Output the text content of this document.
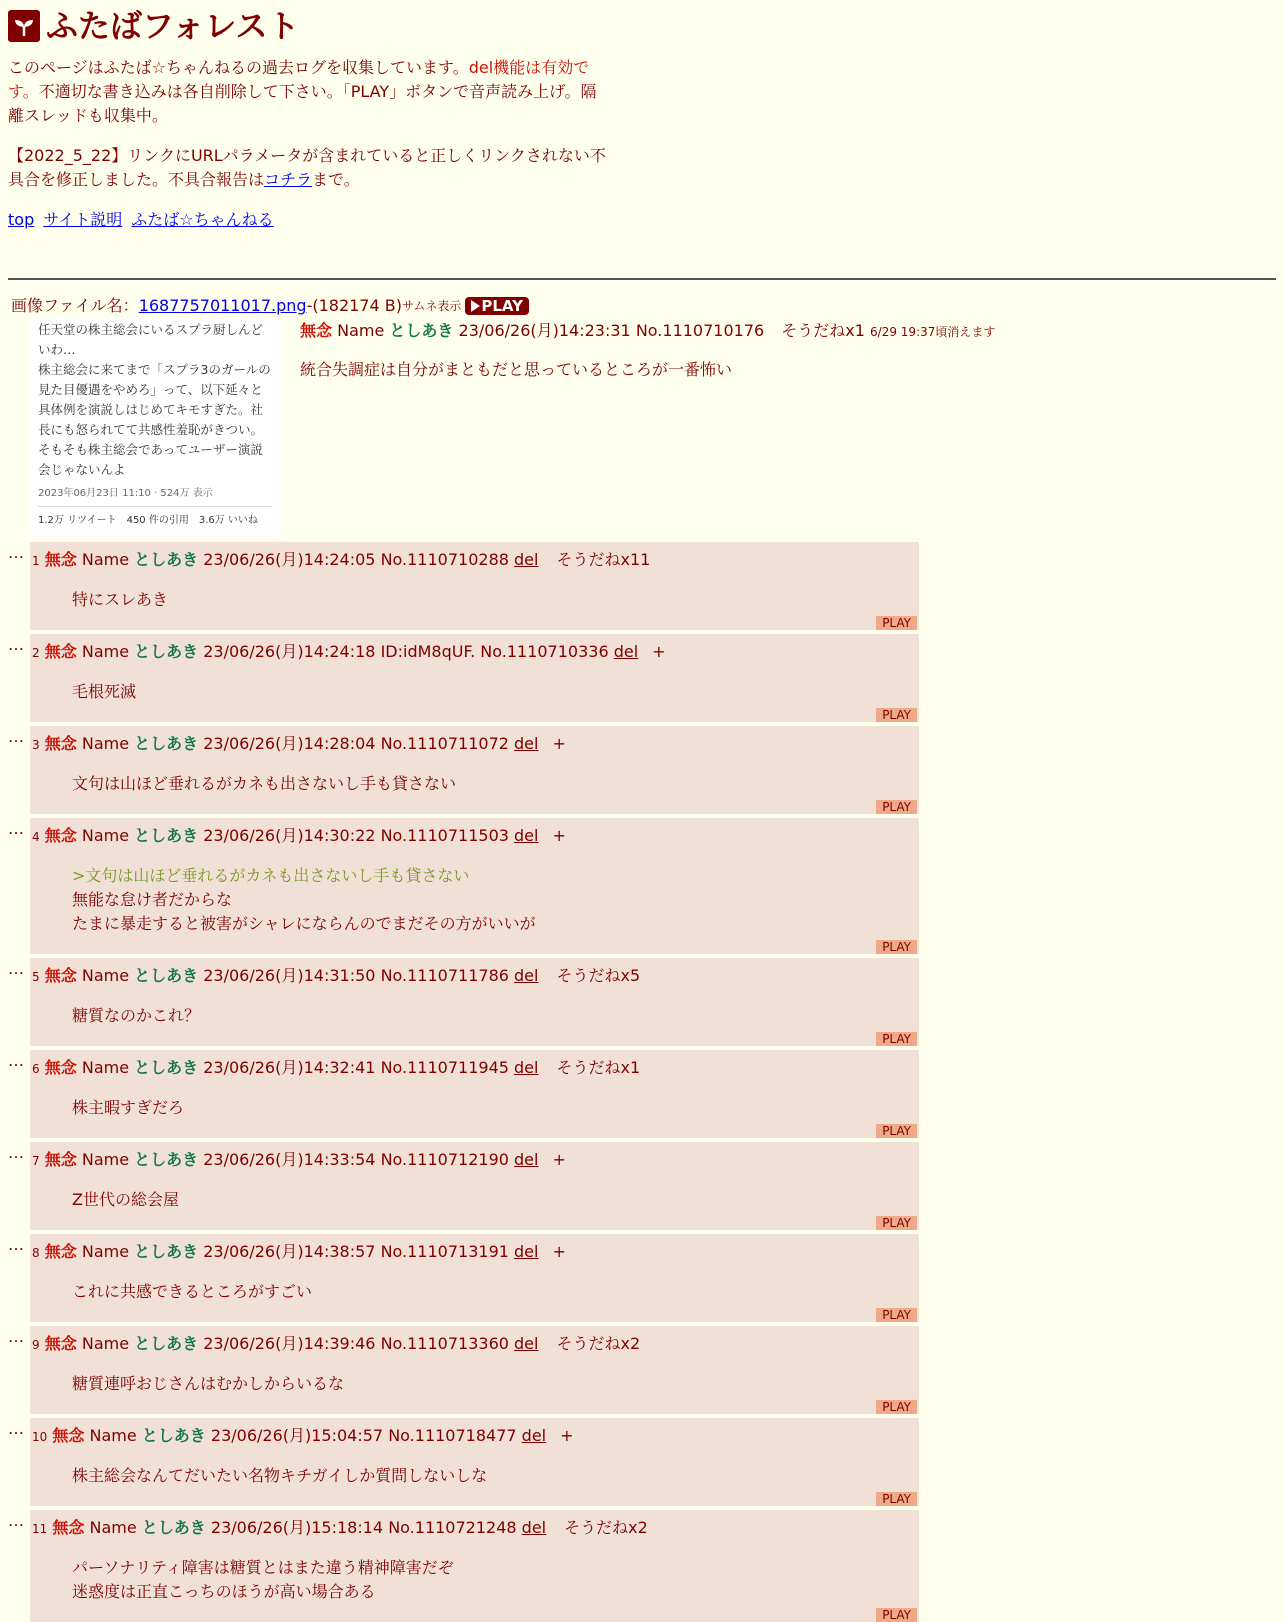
ふたばフォレスト

このページはふたば☆ちゃんねるの過去ログを収集しています。del機能は有効です。不適切な書き込みは各自削除して下さい。「PLAY」ボタンで音声読み上げ。隔離スレッドも収集中。

【2022_5_22】リンクにURLパラメータが含まれていると正しくリンクされない不具合を修正しました。不具合報告はコチラまで。

top サイト説明 ふたば☆ちゃんねる
画像ファイル名： 1687757011017.png -(182174 B) サムネ表示 PLAY
任天堂の株主総会にいるスプラ厨しんどいわ…
株主総会に来てまで「スプラ3のガールの見た目優遇をやめろ」って、以下延々と具体例を演説しはじめてキモすぎた。社長にも怒られてて共感性羞恥がきつい。そもそも株主総会であってユーザー演説会じゃないんよ
2023年06月23日 11:10 · 524万 表示
1.2万 リツイート　450 件の引用　3.6万 いいね
無念 Name としあき 23/06/26(月)14:23:31 No.1110710176 そうだねx1 6/29 19:37頃消えます
統合失調症は自分がまともだと思っているところが一番怖い
… 1 無念 Name としあき 23/06/26(月)14:24:05 No.1110710288 del そうだねx11
特にスレあき
PLAY
… 2 無念 Name としあき 23/06/26(月)14:24:18 ID:idM8qUF. No.1110710336 del +
毛根死滅
PLAY
… 3 無念 Name としあき 23/06/26(月)14:28:04 No.1110711072 del +
文句は山ほど垂れるがカネも出さないし手も貸さない
PLAY
… 4 無念 Name としあき 23/06/26(月)14:30:22 No.1110711503 del +
>文句は山ほど垂れるがカネも出さないし手も貸さない
無能な怠け者だからな
たまに暴走すると被害がシャレにならんのでまだその方がいいが
PLAY
… 5 無念 Name としあき 23/06/26(月)14:31:50 No.1110711786 del そうだねx5
糖質なのかこれ？
PLAY
… 6 無念 Name としあき 23/06/26(月)14:32:41 No.1110711945 del そうだねx1
株主暇すぎだろ
PLAY
… 7 無念 Name としあき 23/06/26(月)14:33:54 No.1110712190 del +
Z世代の総会屋
PLAY
… 8 無念 Name としあき 23/06/26(月)14:38:57 No.1110713191 del +
これに共感できるところがすごい
PLAY
… 9 無念 Name としあき 23/06/26(月)14:39:46 No.1110713360 del そうだねx2
糖質連呼おじさんはむかしからいるな
PLAY
… 10 無念 Name としあき 23/06/26(月)15:04:57 No.1110718477 del +
株主総会なんてだいたい名物キチガイしか質問しないしな
PLAY
… 11 無念 Name としあき 23/06/26(月)15:18:14 No.1110721248 del そうだねx2
パーソナリティ障害は糖質とはまた違う精神障害だぞ
迷惑度は正直こっちのほうが高い場合ある
PLAY
